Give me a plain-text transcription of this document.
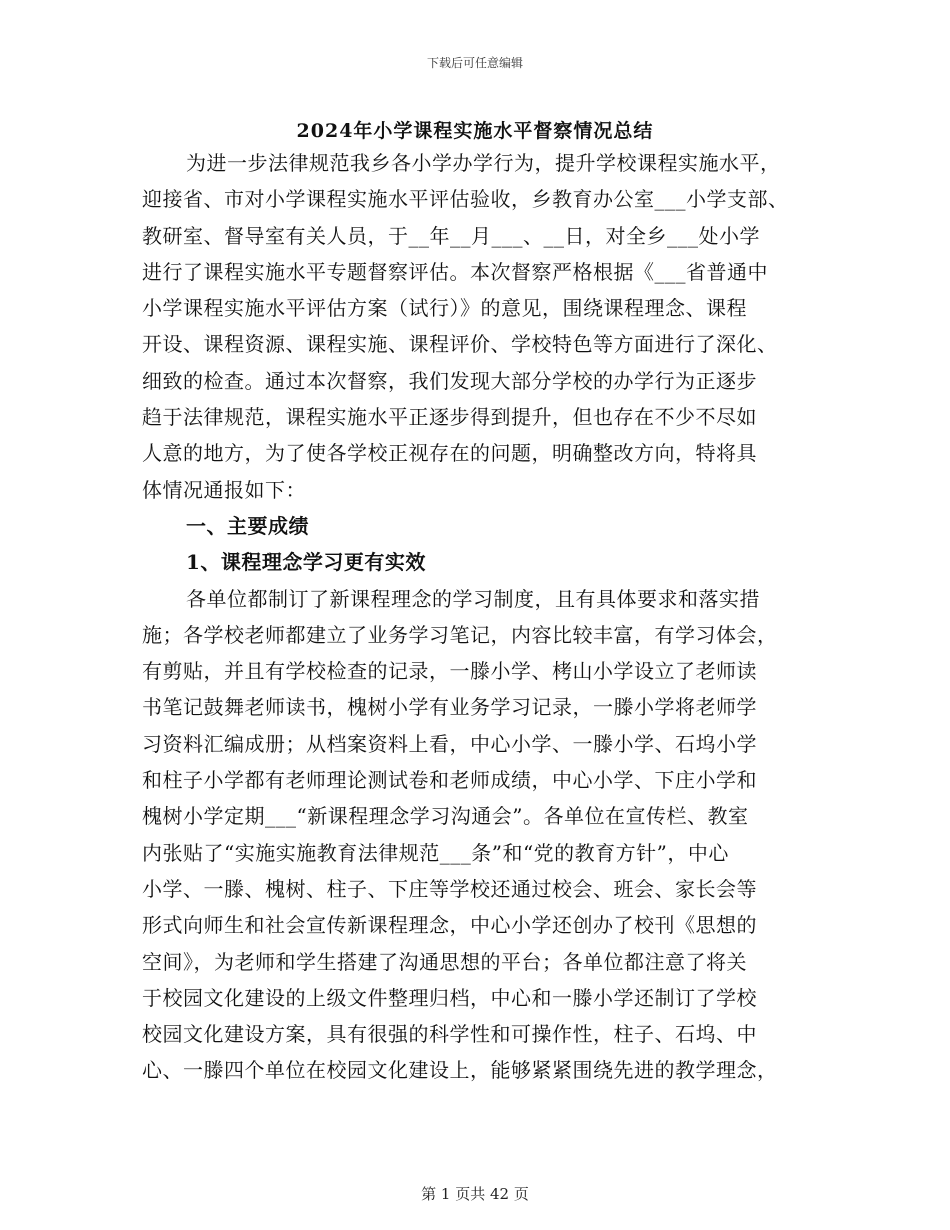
下载后可任意编辑
2024年小学课程实施水平督察情况总结
为进一步法律规范我乡各小学办学行为，提升学校课程实施水平，
迎接省、市对小学课程实施水平评估验收，乡教育办公室___小学支部、
教研室、督导室有关人员，于__年__月___、__日，对全乡___处小学
进行了课程实施水平专题督察评估。本次督察严格根据《___省普通中
小学课程实施水平评估方案（试行）》的意见，围绕课程理念、课程
开设、课程资源、课程实施、课程评价、学校特色等方面进行了深化、
细致的检查。通过本次督察，我们发现大部分学校的办学行为正逐步
趋于法律规范，课程实施水平正逐步得到提升，但也存在不少不尽如
人意的地方，为了使各学校正视存在的问题，明确整改方向，特将具
体情况通报如下：
一、主要成绩
1、课程理念学习更有实效
各单位都制订了新课程理念的学习制度，且有具体要求和落实措
施；各学校老师都建立了业务学习笔记，内容比较丰富，有学习体会，
有剪贴，并且有学校检查的记录，一滕小学、栲山小学设立了老师读
书笔记鼓舞老师读书，槐树小学有业务学习记录，一滕小学将老师学
习资料汇编成册；从档案资料上看，中心小学、一滕小学、石坞小学
和柱子小学都有老师理论测试卷和老师成绩，中心小学、下庄小学和
槐树小学定期___“新课程理念学习沟通会”。各单位在宣传栏、教室
内张贴了“实施实施教育法律规范___条”和“党的教育方针”，中心
小学、一滕、槐树、柱子、下庄等学校还通过校会、班会、家长会等
形式向师生和社会宣传新课程理念，中心小学还创办了校刊《思想的
空间》，为老师和学生搭建了沟通思想的平台；各单位都注意了将关
于校园文化建设的上级文件整理归档，中心和一滕小学还制订了学校
校园文化建设方案，具有很强的科学性和可操作性，柱子、石坞、中
心、一滕四个单位在校园文化建设上，能够紧紧围绕先进的教学理念，
第 1 页共 42 页
